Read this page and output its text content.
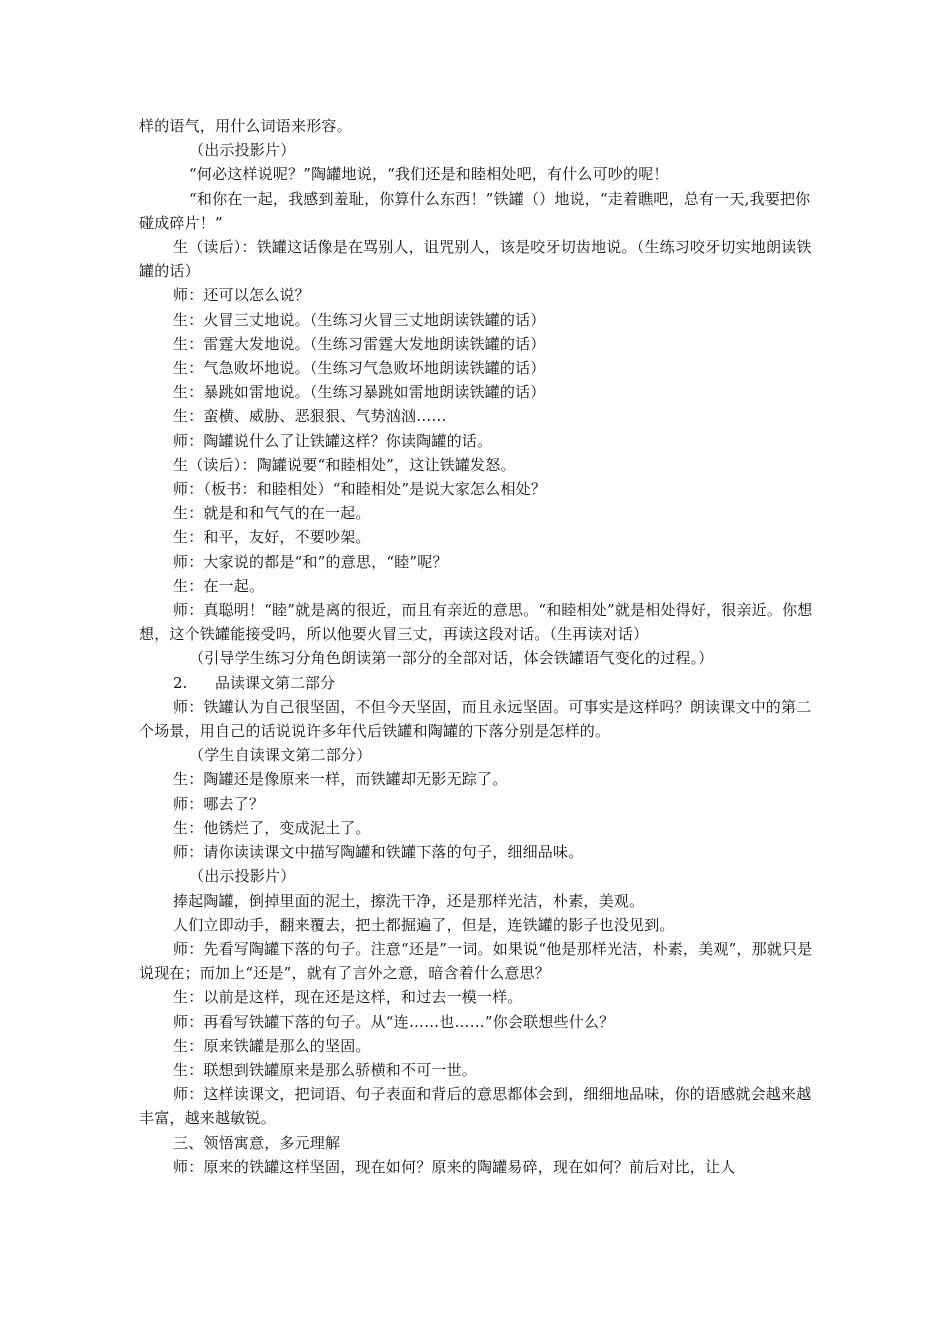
样的语气，用什么词语来形容。

（出示投影片）

“何必这样说呢？”陶罐地说，“我们还是和睦相处吧，有什么可吵的呢！

“和你在一起，我感到羞耻，你算什么东西！”铁罐（）地说，“走着瞧吧，总有一天,我要把你碰成碎片！”

生（读后）：铁罐这话像是在骂别人，诅咒别人，该是咬牙切齿地说。（生练习咬牙切实地朗读铁罐的话）

师：还可以怎么说？

生：火冒三丈地说。（生练习火冒三丈地朗读铁罐的话）

生：雷霆大发地说。（生练习雷霆大发地朗读铁罐的话）

生：气急败坏地说。（生练习气急败坏地朗读铁罐的话）

生：暴跳如雷地说。（生练习暴跳如雷地朗读铁罐的话）

生：蛮横、威胁、恶狠狠、气势汹汹……

师：陶罐说什么了让铁罐这样？你读陶罐的话。

生（读后）：陶罐说要“和睦相处”，这让铁罐发怒。

师：（板书：和睦相处）“和睦相处”是说大家怎么相处？

生：就是和和气气的在一起。

生：和平，友好，不要吵架。

师：大家说的都是“和”的意思，“睦”呢？

生：在一起。

师：真聪明！“睦”就是离的很近，而且有亲近的意思。“和睦相处”就是相处得好，很亲近。你想想，这个铁罐能接受吗，所以他要火冒三丈，再读这段对话。（生再读对话）

（引导学生练习分角色朗读第一部分的全部对话，体会铁罐语气变化的过程。）

2.	品读课文第二部分

师：铁罐认为自己很坚固，不但今天坚固，而且永远坚固。可事实是这样吗？朗读课文中的第二个场景，用自己的话说说许多年代后铁罐和陶罐的下落分别是怎样的。

（学生自读课文第二部分）

生：陶罐还是像原来一样，而铁罐却无影无踪了。

师：哪去了？

生：他锈烂了，变成泥土了。

师：请你读读课文中描写陶罐和铁罐下落的句子，细细品味。

（出示投影片）

捧起陶罐，倒掉里面的泥土，擦洗干净，还是那样光洁，朴素，美观。

人们立即动手，翻来覆去，把土都掘遍了，但是，连铁罐的影子也没见到。

师：先看写陶罐下落的句子。注意“还是”一词。如果说“他是那样光洁，朴素，美观”，那就只是说现在；而加上“还是”，就有了言外之意，暗含着什么意思？

生：以前是这样，现在还是这样，和过去一模一样。

师：再看写铁罐下落的句子。从“连……也……”你会联想些什么？

生：原来铁罐是那么的坚固。

生：联想到铁罐原来是那么骄横和不可一世。

师：这样读课文，把词语、句子表面和背后的意思都体会到，细细地品味，你的语感就会越来越丰富，越来越敏锐。

三、领悟寓意，多元理解

师：原来的铁罐这样坚固，现在如何？原来的陶罐易碎，现在如何？前后对比，让人
